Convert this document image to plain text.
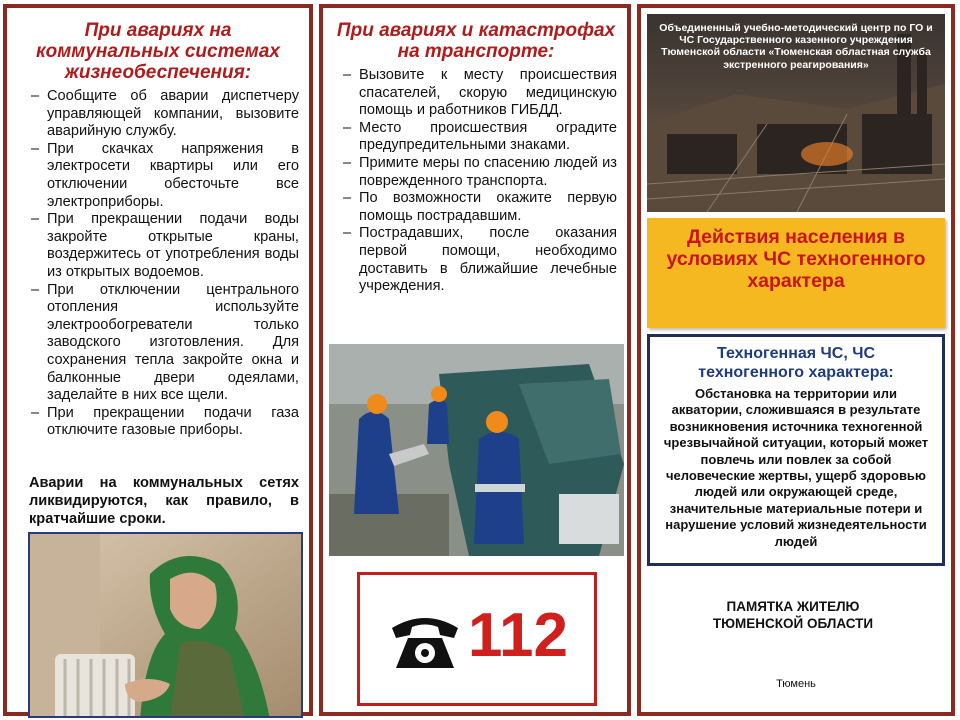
При авариях на коммунальных системах жизнеобеспечения:
– Сообщите об аварии диспетчеру управляющей компании, вызовите аварийную службу.
– При скачках напряжения в электросети квартиры или его отключении обесточьте все электроприборы.
– При прекращении подачи воды закройте открытые краны, воздержитесь от употребления воды из открытых водоемов.
– При отключении центрального отопления используйте электрообогреватели только заводского изготовления. Для сохранения тепла закройте окна и балконные двери одеялами, заделайте в них все щели.
– При прекращении подачи газа отключите газовые приборы.
Аварии на коммунальных сетях ликвидируются, как правило, в кратчайшие сроки.
При авариях и катастрофах на транспорте:
– Вызовите к месту происшествия спасателей, скорую медицинскую помощь и работников ГИБДД.
– Место происшествия оградите предупредительными знаками.
– Примите меры по спасению людей из поврежденного транспорта.
– По возможности окажите первую помощь пострадавшим.
– Пострадавших, после оказания первой помощи, необходимо доставить в ближайшие лечебные учреждения.
112
Объединенный учебно-методический центр по ГО и ЧС Государственного казенного учреждения Тюменской области «Тюменская областная служба экстренного реагирования»
Действия населения в условиях ЧС техногенного характера
Техногенная ЧС, ЧС техногенного характера:
Обстановка на территории или акватории, сложившаяся в результате возникновения источника техногенной чрезвычайной ситуации, который может повлечь или повлек за собой человеческие жертвы, ущерб здоровью людей или окружающей среде, значительные материальные потери и нарушение условий жизнедеятельности людей
ПАМЯТКА ЖИТЕЛЮ ТЮМЕНСКОЙ ОБЛАСТИ
Тюмень
